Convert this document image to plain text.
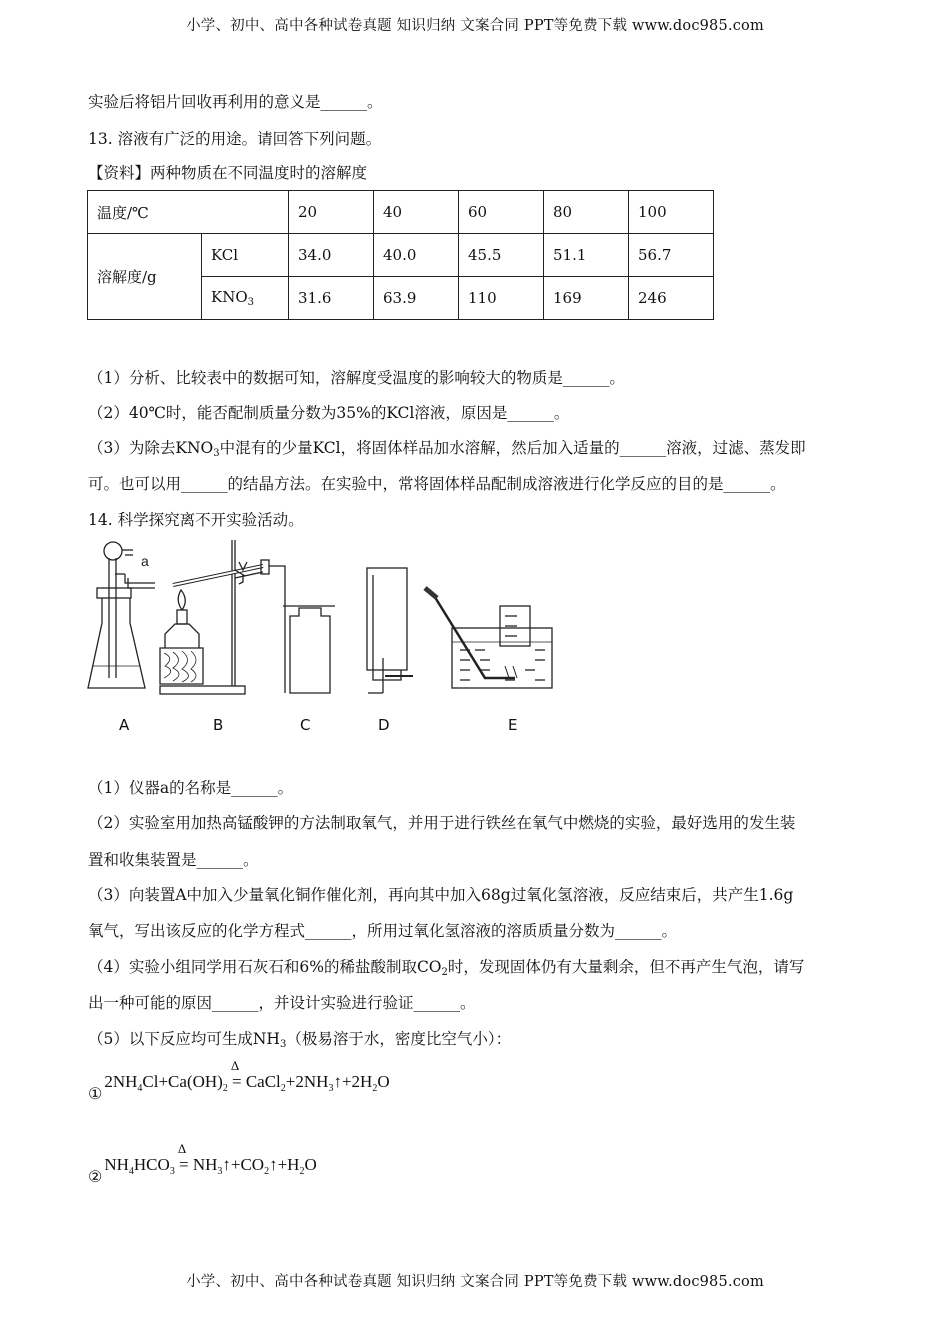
小学、初中、高中各种试卷真题 知识归纳 文案合同 PPT等免费下载 www.doc985.com
实验后将铝片回收再利用的意义是______。
13. 溶液有广泛的用途。请回答下列问题。
【资料】两种物质在不同温度时的溶解度
温度/℃		20	40	60	80	100
溶解度/g	KCl	34.0	40.0	45.5	51.1	56.7
	$KNO_3$	31.6	63.9	110	169	246
（1）分析、比较表中的数据可知，溶解度受温度的影响较大的物质是______。
（2）40℃时，能否配制质量分数为35%的KCl溶液，原因是______。
（3）为除去$KNO_3$中混有的少量KCl，将固体样品加水溶解，然后加入适量的______溶液，过滤、蒸发即
可。也可以用______的结晶方法。在实验中，常将固体样品配制成溶液进行化学反应的目的是______。
14. 科学探究离不开实验活动。
a
A	B	C	D	E
（1）仪器a的名称是______。
（2）实验室用加热高锰酸钾的方法制取氧气，并用于进行铁丝在氧气中燃烧的实验，最好选用的发生装
置和收集装置是______。
（3）向装置A中加入少量氧化铜作催化剂，再向其中加入68g过氧化氢溶液，反应结束后，共产生1.6g
氧气，写出该反应的化学方程式______，所用过氧化氢溶液的溶质质量分数为______。
（4）实验小组同学用石灰石和6%的稀盐酸制取$CO_2$时，发现固体仍有大量剩余，但不再产生气泡，请写
出一种可能的原因______，并设计实验进行验证______。
（5）以下反应均可生成$NH_3$（极易溶于水，密度比空气小）：
$①2NH_4Cl+Ca(OH)_2$
Δ
= $CaCl_2+2NH_3↑+2H_2O$
$②NH_4HCO_3$
Δ
= $NH_3↑+CO_2↑+H_2O$
小学、初中、高中各种试卷真题 知识归纳 文案合同 PPT等免费下载 www.doc985.com
